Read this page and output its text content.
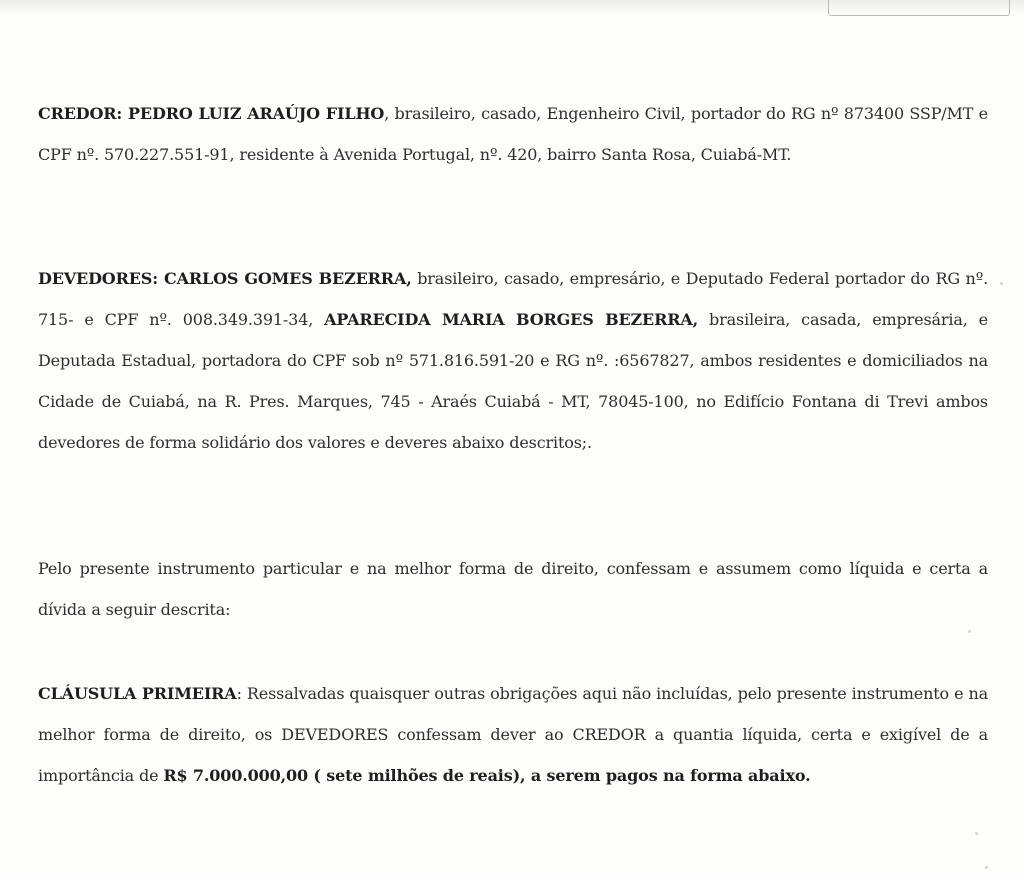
CREDOR: PEDRO LUIZ ARAÚJO FILHO, brasileiro, casado, Engenheiro Civil, portador do RG nº 873400 SSP/MT e CPF nº. 570.227.551-91, residente à Avenida Portugal, nº. 420, bairro Santa Rosa, Cuiabá-MT.

DEVEDORES: CARLOS GOMES BEZERRA, brasileiro, casado, empresário, e Deputado Federal portador do RG nº. 715- e CPF nº. 008.349.391-34, APARECIDA MARIA BORGES BEZERRA, brasileira, casada, empresária, e Deputada Estadual, portadora do CPF sob nº 571.816.591-20 e RG nº. :6567827, ambos residentes e domiciliados na Cidade de Cuiabá, na R. Pres. Marques, 745 - Araés Cuiabá - MT, 78045-100, no Edifício Fontana di Trevi ambos devedores de forma solidário dos valores e deveres abaixo descritos;.

Pelo presente instrumento particular e na melhor forma de direito, confessam e assumem como líquida e certa a dívida a seguir descrita:

CLÁUSULA PRIMEIRA: Ressalvadas quaisquer outras obrigações aqui não incluídas, pelo presente instrumento e na melhor forma de direito, os DEVEDORES confessam dever ao CREDOR a quantia líquida, certa e exigível de a importância de R$ 7.000.000,00 ( sete milhões de reais), a serem pagos na forma abaixo.
